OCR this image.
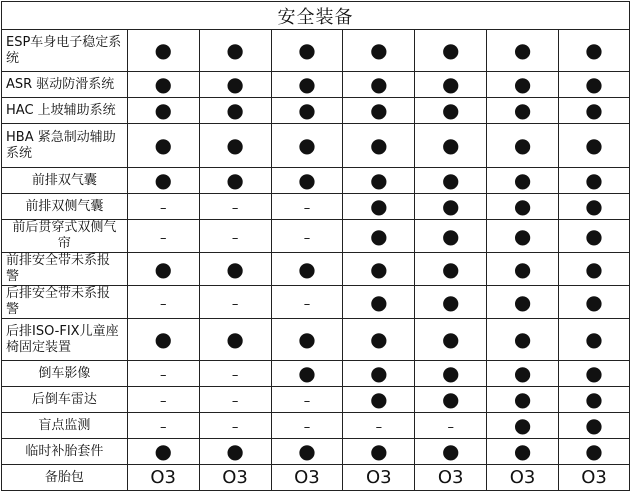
安全装备							
ESP车身电子稳定系统	●	●	●	●	●	●	●
ASR 驱动防滑系统	●	●	●	●	●	●	●
HAC 上坡辅助系统	●	●	●	●	●	●	●
HBA 紧急制动辅助系统	●	●	●	●	●	●	●
前排双气囊	●	●	●	●	●	●	●
前排双侧气囊	–	–	–	●	●	●	●
前后贯穿式双侧气帘	–	–	–	●	●	●	●
前排安全带未系报警	●	●	●	●	●	●	●
后排安全带未系报警	–	–	–	●	●	●	●
后排ISO-FIX儿童座椅固定装置	●	●	●	●	●	●	●
倒车影像	–	–	●	●	●	●	●
后倒车雷达	–	–	–	●	●	●	●
盲点监测	–	–	–	–	–	●	●
临时补胎套件	●	●	●	●	●	●	●
备胎包	O3	O3	O3	O3	O3	O3	O3
